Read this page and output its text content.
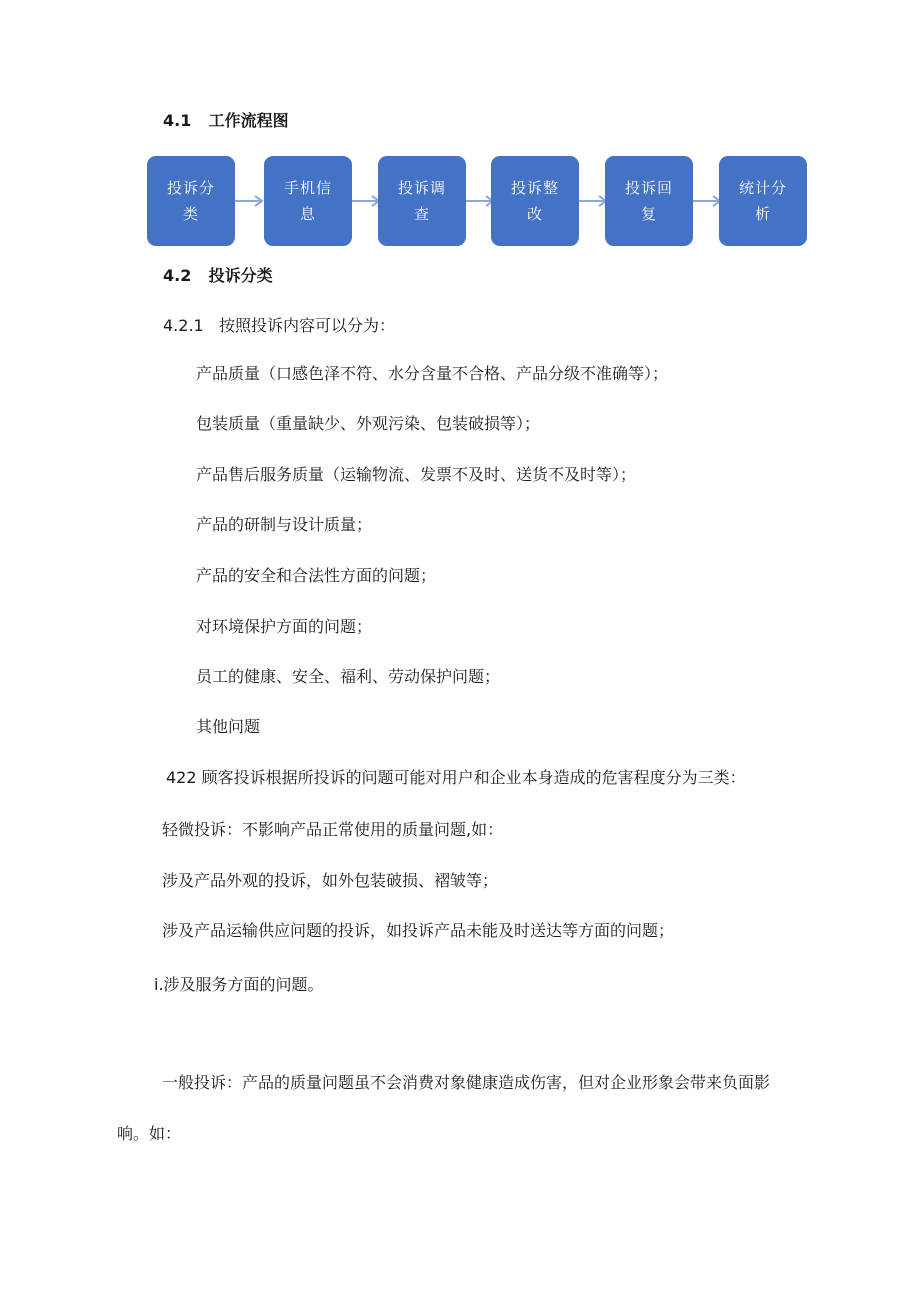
4.1 工作流程图
投诉分
类
手机信
息
投诉调
查
投诉整
改
投诉回
复
统计分
析
4.2 投诉分类
4.2.1   按照投诉内容可以分为：
产品质量（口感色泽不符、水分含量不合格、产品分级不准确等）；
包装质量（重量缺少、外观污染、包装破损等）；
产品售后服务质量（运输物流、发票不及时、送货不及时等）；
产品的研制与设计质量；
产品的安全和合法性方面的问题；
对环境保护方面的问题；
员工的健康、安全、福利、劳动保护问题；
其他问题
422 顾客投诉根据所投诉的问题可能对用户和企业本身造成的危害程度分为三类：
轻微投诉：不影响产品正常使用的质量问题,如：
涉及产品外观的投诉，如外包装破损、褶皱等；
涉及产品运输供应问题的投诉，如投诉产品未能及时送达等方面的问题；
i.涉及服务方面的问题。
一般投诉：产品的质量问题虽不会消费对象健康造成伤害，但对企业形象会带来负面影
响。如：
